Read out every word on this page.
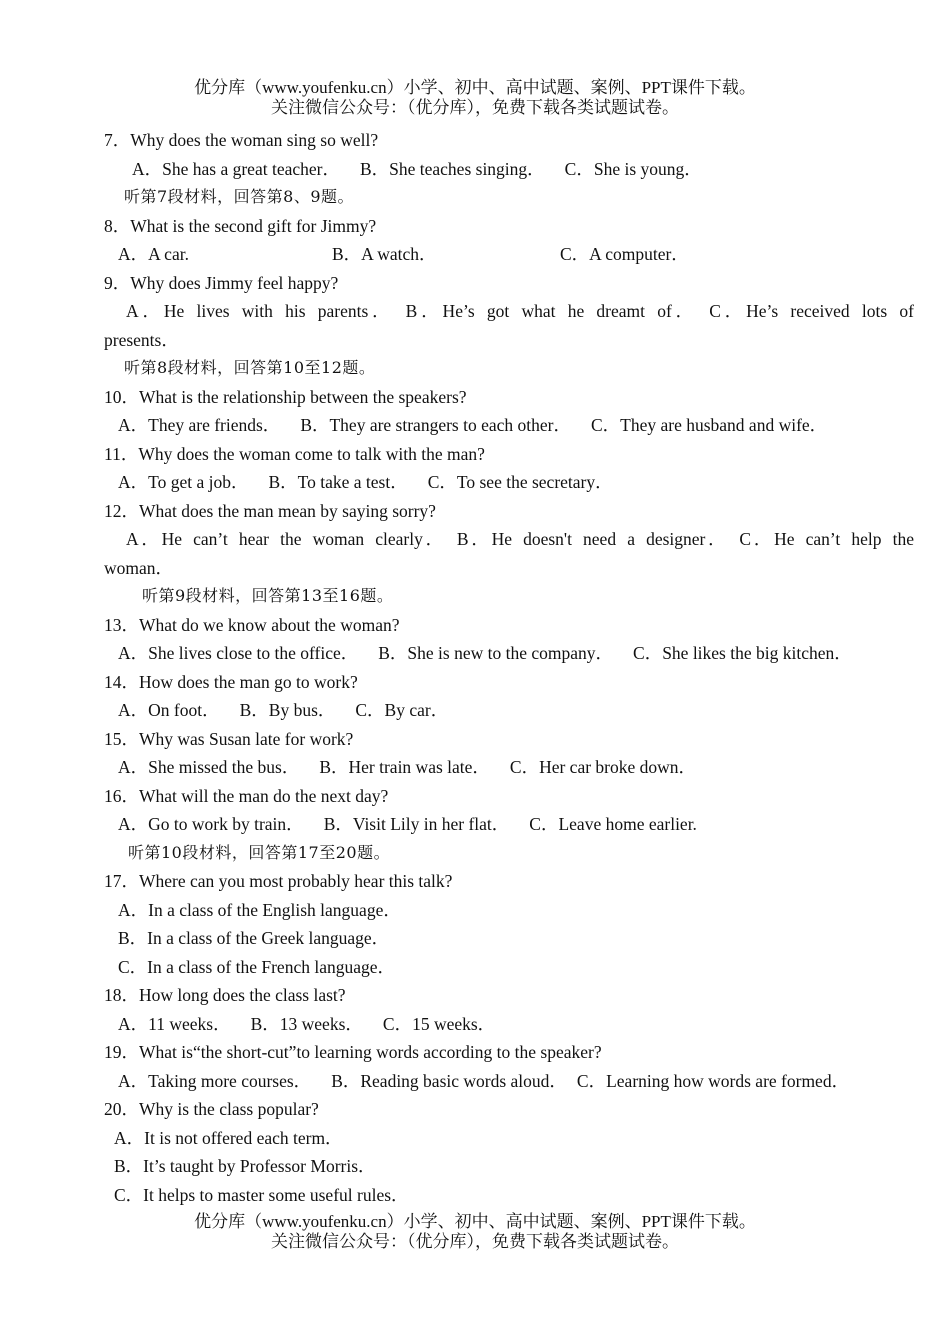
优分库（www.youfenku.cn）小学、初中、高中试题、案例、PPT课件下载。
关注微信公众号：（优分库），免费下载各类试题试卷。
7．Why does the woman sing so well?
A．She has a great teacher． B．She teaches singing． C．She is young．
听第7段材料，回答第8、9题。
8．What is the second gift for Jimmy?
A．A car.	B．A watch．	C．A computer．
9．Why does Jimmy feel happy?
A．He lives with his parents． B．He’s got what he dreamt of． C．He’s received lots of
presents．
听第8段材料，回答第10至12题。
10．What is the relationship between the speakers?
A．They are friends． B．They are strangers to each other． C．They are husband and wife．
11．Why does the woman come to talk with the man?
A．To get a job． B．To take a test． C．To see the secretary．
12．What does the man mean by saying sorry?
A．He can’t hear the woman clearly． B．He doesn't need a designer． C．He can’t help the
woman．
听第9段材料，回答第13至16题。
13．What do we know about the woman?
A．She lives close to the office． B．She is new to the company． C．She likes the big kitchen．
14．How does the man go to work?
A．On foot． B．By bus． C．By car．
15．Why was Susan late for work?
A．She missed the bus． B．Her train was late． C．Her car broke down．
16．What will the man do the next day?
A．Go to work by train． B．Visit Lily in her flat． C．Leave home earlier.
听第10段材料，回答第17至20题。
17．Where can you most probably hear this talk?
A．In a class of the English language．
B．In a class of the Greek language．
C．In a class of the French language．
18．How long does the class last?
A．11 weeks． B．13 weeks． C．15 weeks．
19．What is“the short-cut”to learning words according to the speaker?
A．Taking more courses． B．Reading basic words aloud． C．Learning how words are formed．
20．Why is the class popular?
A．It is not offered each term．
B．It’s taught by Professor Morris．
C．It helps to master some useful rules．
优分库（www.youfenku.cn）小学、初中、高中试题、案例、PPT课件下载。
关注微信公众号：（优分库），免费下载各类试题试卷。
